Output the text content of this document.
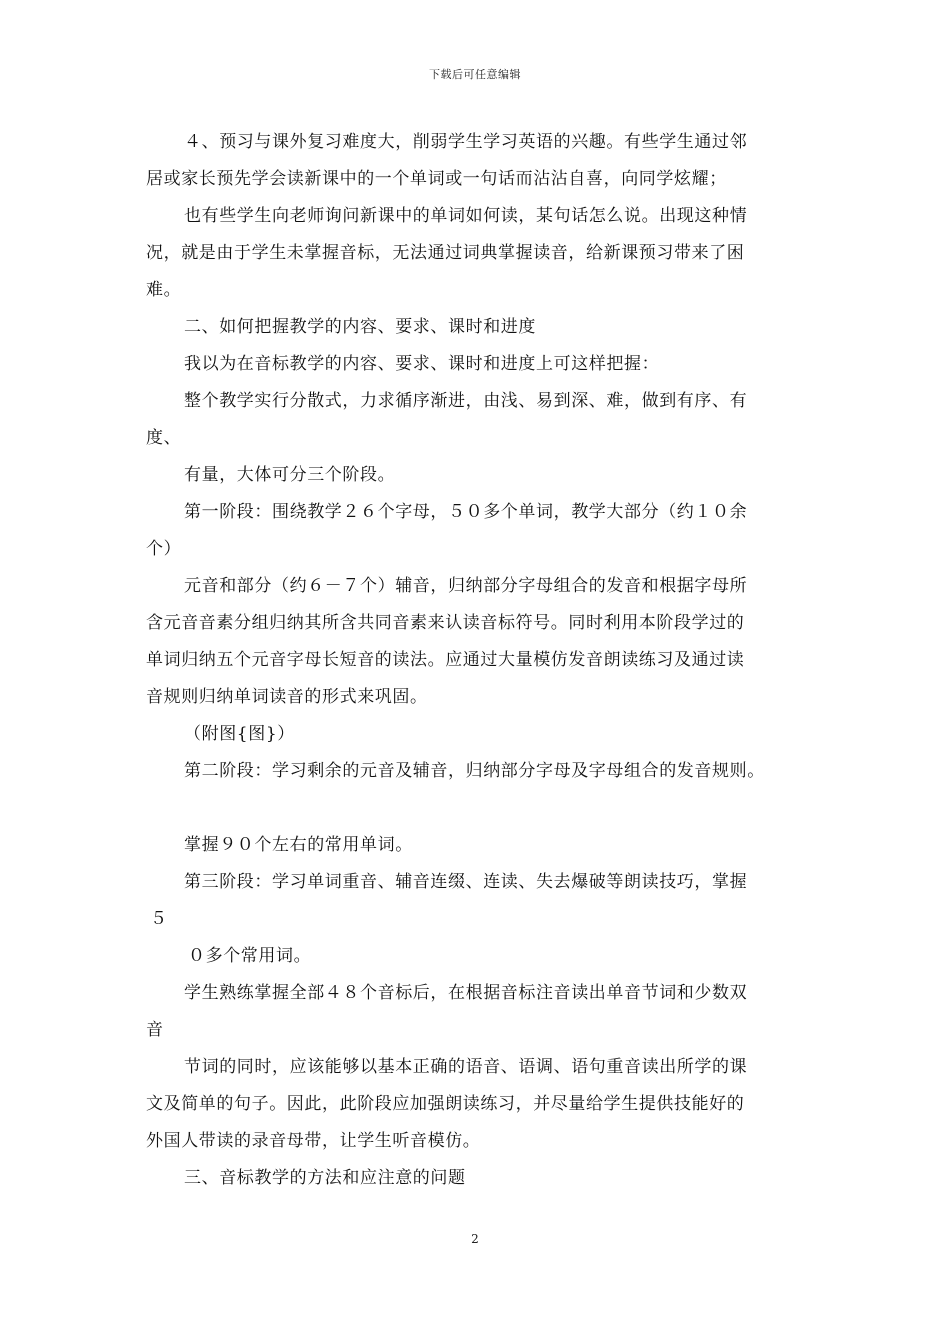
下载后可任意编辑
４、预习与课外复习难度大，削弱学生学习英语的兴趣。有些学生通过邻
居或家长预先学会读新课中的一个单词或一句话而沾沾自喜，向同学炫耀；
也有些学生向老师询问新课中的单词如何读，某句话怎么说。出现这种情
况，就是由于学生未掌握音标，无法通过词典掌握读音，给新课预习带来了困
难。
二、如何把握教学的内容、要求、课时和进度
我以为在音标教学的内容、要求、课时和进度上可这样把握：
整个教学实行分散式，力求循序渐进，由浅、易到深、难，做到有序、有
度、
有量，大体可分三个阶段。
第一阶段：围绕教学２６个字母，５０多个单词，教学大部分（约１０余
个）
元音和部分（约６－７个）辅音，归纳部分字母组合的发音和根据字母所
含元音音素分组归纳其所含共同音素来认读音标符号。同时利用本阶段学过的
单词归纳五个元音字母长短音的读法。应通过大量模仿发音朗读练习及通过读
音规则归纳单词读音的形式来巩固。
（附图{图}）
第二阶段：学习剩余的元音及辅音，归纳部分字母及字母组合的发音规则。
掌握９０个左右的常用单词。
第三阶段：学习单词重音、辅音连缀、连读、失去爆破等朗读技巧，掌握
５
０多个常用词。
学生熟练掌握全部４８个音标后，在根据音标注音读出单音节词和少数双
音
节词的同时，应该能够以基本正确的语音、语调、语句重音读出所学的课
文及简单的句子。因此，此阶段应加强朗读练习，并尽量给学生提供技能好的
外国人带读的录音母带，让学生听音模仿。
三、音标教学的方法和应注意的问题
2
